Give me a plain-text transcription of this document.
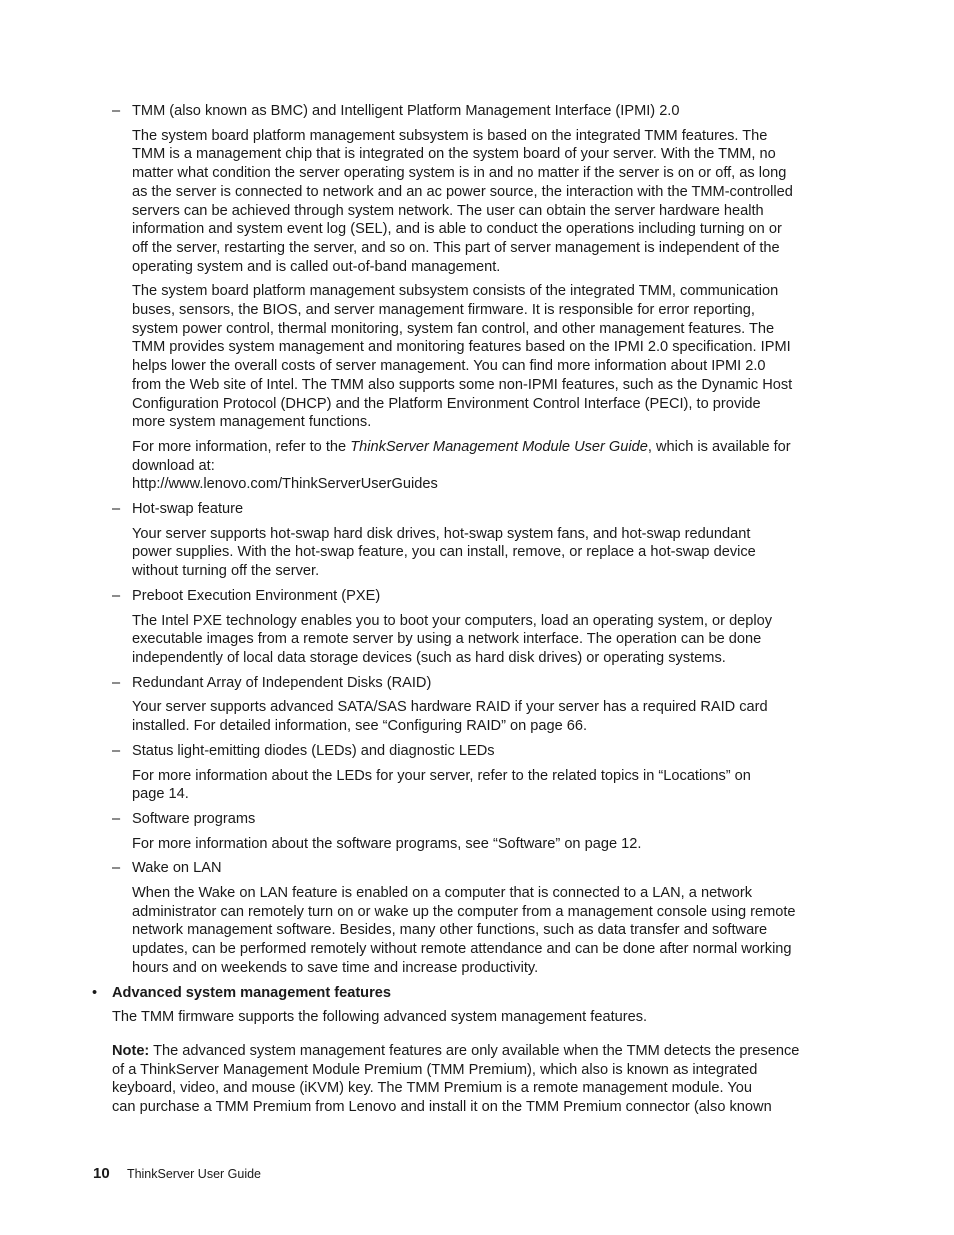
– TMM (also known as BMC) and Intelligent Platform Management Interface (IPMI) 2.0
The system board platform management subsystem is based on the integrated TMM features. The
TMM is a management chip that is integrated on the system board of your server. With the TMM, no
matter what condition the server operating system is in and no matter if the server is on or off, as long
as the server is connected to network and an ac power source, the interaction with the TMM-controlled
servers can be achieved through system network. The user can obtain the server hardware health
information and system event log (SEL), and is able to conduct the operations including turning on or
off the server, restarting the server, and so on. This part of server management is independent of the
operating system and is called out-of-band management.
The system board platform management subsystem consists of the integrated TMM, communication
buses, sensors, the BIOS, and server management firmware. It is responsible for error reporting,
system power control, thermal monitoring, system fan control, and other management features. The
TMM provides system management and monitoring features based on the IPMI 2.0 specification. IPMI
helps lower the overall costs of server management. You can find more information about IPMI 2.0
from the Web site of Intel. The TMM also supports some non-IPMI features, such as the Dynamic Host
Configuration Protocol (DHCP) and the Platform Environment Control Interface (PECI), to provide
more system management functions.
For more information, refer to the ThinkServer Management Module User Guide, which is available for
download at:
http://www.lenovo.com/ThinkServerUserGuides
– Hot-swap feature
Your server supports hot-swap hard disk drives, hot-swap system fans, and hot-swap redundant
power supplies. With the hot-swap feature, you can install, remove, or replace a hot-swap device
without turning off the server.
– Preboot Execution Environment (PXE)
The Intel PXE technology enables you to boot your computers, load an operating system, or deploy
executable images from a remote server by using a network interface. The operation can be done
independently of local data storage devices (such as hard disk drives) or operating systems.
– Redundant Array of Independent Disks (RAID)
Your server supports advanced SATA/SAS hardware RAID if your server has a required RAID card
installed. For detailed information, see “Configuring RAID” on page 66.
– Status light-emitting diodes (LEDs) and diagnostic LEDs
For more information about the LEDs for your server, refer to the related topics in “Locations” on
page 14.
– Software programs
For more information about the software programs, see “Software” on page 12.
– Wake on LAN
When the Wake on LAN feature is enabled on a computer that is connected to a LAN, a network
administrator can remotely turn on or wake up the computer from a management console using remote
network management software. Besides, many other functions, such as data transfer and software
updates, can be performed remotely without remote attendance and can be done after normal working
hours and on weekends to save time and increase productivity.
• Advanced system management features
The TMM firmware supports the following advanced system management features.
Note: The advanced system management features are only available when the TMM detects the presence
of a ThinkServer Management Module Premium (TMM Premium), which also is known as integrated
keyboard, video, and mouse (iKVM) key. The TMM Premium is a remote management module. You
can purchase a TMM Premium from Lenovo and install it on the TMM Premium connector (also known
10 ThinkServer User Guide
